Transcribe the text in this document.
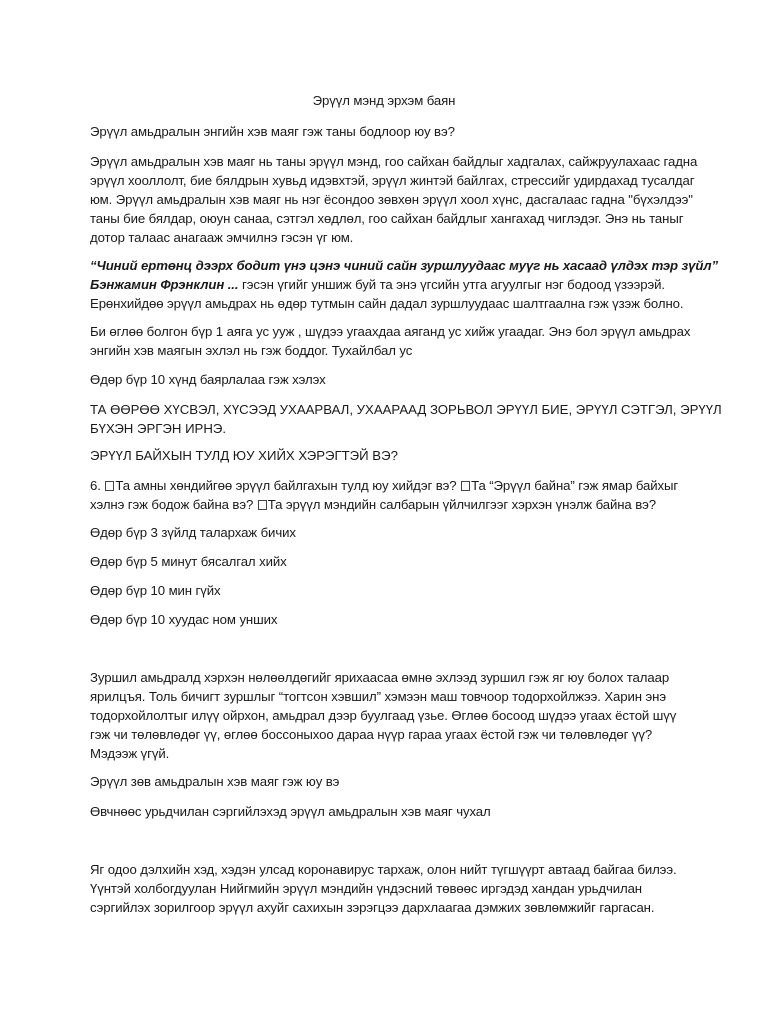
Эрүүл мэнд эрхэм баян

Эрүүл амьдралын энгийн хэв маяг гэж таны бодлоор юу вэ?

Эрүүл амьдралын хэв маяг нь таны эрүүл мэнд, гоо сайхан байдлыг хадгалах, сайжруулахаас гадна
эрүүл хооллолт, бие бялдрын хувьд идэвхтэй, эрүүл жинтэй байлгах, стрессийг удирдахад тусалдаг
юм. Эрүүл амьдралын хэв маяг нь нэг ёсондоо зөвхөн эрүүл хоол хүнс, дасгалаас гадна "бүхэлдээ"
таны бие бялдар, оюун санаа, сэтгэл хөдлөл, гоо сайхан байдлыг хангахад чиглэдэг. Энэ нь таныг
дотор талаас анагааж эмчилнэ гэсэн үг юм.

“Чиний ертөнц дээрх бодит үнэ цэнэ чиний сайн зуршлуудаас муүг нь хасаад үлдэх тэр зүйл”
Бэнжамин Фрэнклин ... гэсэн үгийг уншиж буй та энэ үгсийн утга агуулгыг нэг бодоод үзээрэй.
Ерөнхийдөө эрүүл амьдрах нь өдөр тутмын сайн дадал зуршлуудаас шалтгаална гэж үзэж болно.

Би өглөө болгон бүр 1 аяга ус ууж , шүдээ угаахдаа аяганд ус хийж угаадаг. Энэ бол эрүүл амьдрах
энгийн хэв маягын эхлэл нь гэж боддог. Тухайлбал ус

Өдөр бүр 10 хүнд баярлалаа гэж хэлэх

ТА ӨӨРӨӨ ХҮСВЭЛ, ХҮСЭЭД УХААРВАЛ, УХААРААД ЗОРЬВОЛ ЭРҮҮЛ БИЕ, ЭРҮҮЛ СЭТГЭЛ, ЭРҮҮЛ
БҮХЭН ЭРГЭН ИРНЭ.

ЭРҮҮЛ БАЙХЫН ТУЛД ЮУ ХИЙХ ХЭРЭГТЭЙ ВЭ?

6. Та амны хөндийгөө эрүүл байлгахын тулд юу хийдэг вэ? Та “Эрүүл байна” гэж ямар байхыг
хэлнэ гэж бодож байна вэ? Та эрүүл мэндийн салбарын үйлчилгээг хэрхэн үнэлж байна вэ?

Өдөр бүр 3 зүйлд талархаж бичих

Өдөр бүр 5 минут бясалгал хийх

Өдөр бүр 10 мин гүйх

Өдөр бүр 10 хуудас ном унших

Зуршил амьдралд хэрхэн нөлөөлдөгийг ярихаасаа өмнө эхлээд зуршил гэж яг юу болох талаар
ярилцъя. Толь бичигт зуршлыг “тогтсон хэвшил” хэмээн маш товчоор тодорхойлжээ. Харин энэ
тодорхойлолтыг илүү ойрхон, амьдрал дээр буулгаад үзье. Өглөө босоод шүдээ угаах ёстой шүү
гэж чи төлөвлөдөг үү, өглөө боссоныхоо дараа нүүр гараа угаах ёстой гэж чи төлөвлөдөг үү?
Мэдээж үгүй.

Эрүүл зөв амьдралын хэв маяг гэж юу вэ

Өвчнөөс урьдчилан сэргийлэхэд эрүүл амьдралын хэв маяг чухал

Яг одоо дэлхийн хэд, хэдэн улсад коронавирус тархаж, олон нийт түгшүүрт автаад байгаа билээ.
Үүнтэй холбогдуулан Нийгмийн эрүүл мэндийн үндэсний төвөөс иргэдэд хандан урьдчилан
сэргийлэх зорилгоор эрүүл ахуйг сахихын зэрэгцээ дархлаагаа дэмжих зөвлөмжийг гаргасан.
